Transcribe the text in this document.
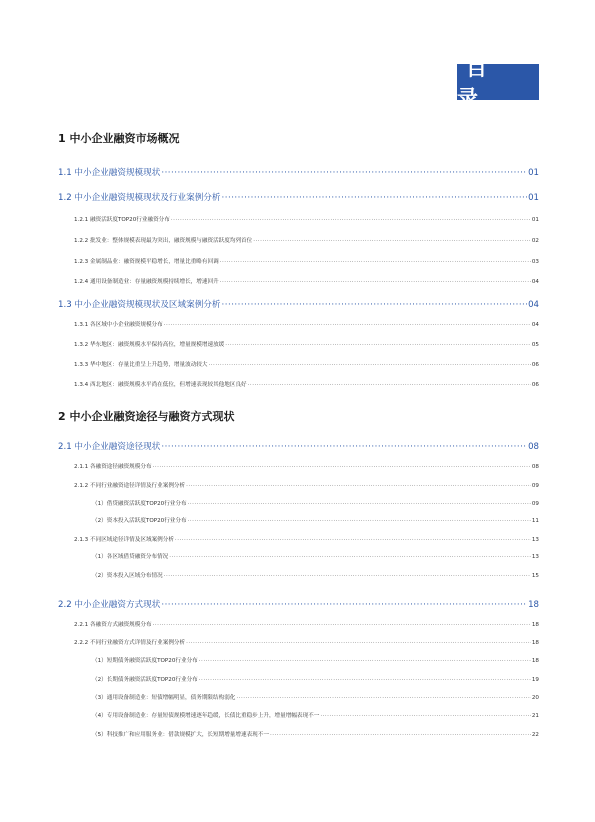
目 录
1 中小企业融资市场概况
1.1 中小企业融资规模现状 ·····	01
1.2 中小企业融资规模现状及行业案例分析 ·····	01
1.2.1 融资活跃度TOP20行业融资分布 ·····	01
1.2.2 批发业：整体规模表现最为突出，融资规模与融资活跃度均列首位 ·····	02
1.2.3 金属制品业：融资规模平稳增长，增量比重略有回调 ·····	03
1.2.4 通用设备制造业：存量融资规模持续增长，增速回升 ·····	04
1.3 中小企业融资规模现状及区域案例分析 ·····	04
1.3.1 各区域中小企业融资规模分布 ·····	04
1.3.2 华东地区：融资规模水平保持高位，增量规模增速放缓 ·····	05
1.3.3 华中地区：存量比重呈上升趋势，增量波动较大 ·····	06
1.3.4 西北地区：融资规模水平尚在低位，但增速表现较其他地区良好 ·····	06
2 中小企业融资途径与融资方式现状
2.1 中小企业融资途径现状 ·····	08
2.1.1 各融资途径融资规模分布 ·····	08
2.1.2 不同行业融资途径详情及行业案例分析 ·····	09
（1）借贷融资活跃度TOP20行业分布 ·····	09
（2）资本投入活跃度TOP20行业分布 ·····	11
2.1.3 不同区域途径详情及区域案例分析 ·····	13
（1）各区域借贷融资分布情况 ·····	13
（2）资本投入区域分布情况 ·····	15
2.2 中小企业融资方式现状 ·····	18
2.2.1 各融资方式融资规模分布 ·····	18
2.2.2 不同行业融资方式详情及行业案例分析 ·····	18
（1）短期债务融资活跃度TOP20行业分布 ·····	18
（2）长期债务融资活跃度TOP20行业分布 ·····	19
（3）通用设备制造业：短债增幅明显，债务期限结构弱化 ·····	20
（4）专用设备制造业：存量短债规模增速逐年趋缓，长债比重稳步上升，增量增幅表现不一 ·····	21
（5）科技推广和应用服务业：借款规模扩大，长短期增量增速表现不一 ·····	22
